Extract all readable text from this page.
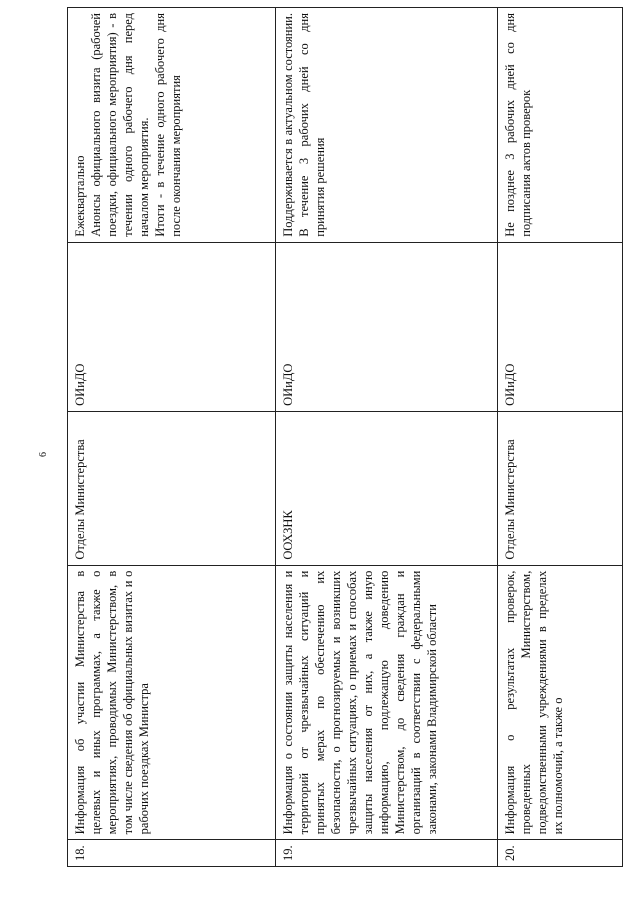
6
18.	Информация об участии Министерства в целевых и иных программах, а также о мероприятиях, проводимых Министерством, в том числе сведения об официальных визитах и о рабочих поездках Министра	Отделы Министерства	ОИиДО	Ежеквартально Анонсы официального визита (рабочей поездки, официального мероприятия) - в течении одного рабочего дня перед началом мероприятия. Итоги - в течение одного рабочего дня после окончания мероприятия

19.	Информация о состоянии защиты населения и территорий от чрезвычайных ситуаций и принятых мерах по обеспечению их безопасности, о прогнозируемых и возникших чрезвычайных ситуациях, о приемах и способах защиты населения от них, а также иную информацию, подлежащую доведению Министерством, до сведения граждан и организаций в соответствии с федеральными законами, законами Владимирской области	ООХЗНК	ОИиДО	Поддерживается в актуальном состоянии. В течение 3 рабочих дней со дня принятия решения

20.	Информация о результатах проверок, проведенных Министерством, подведомственными учреждениями в пределах их полномочий, а также о	Отделы Министерства	ОИиДО	Не позднее 3 рабочих дней со дня подписания актов проверок
